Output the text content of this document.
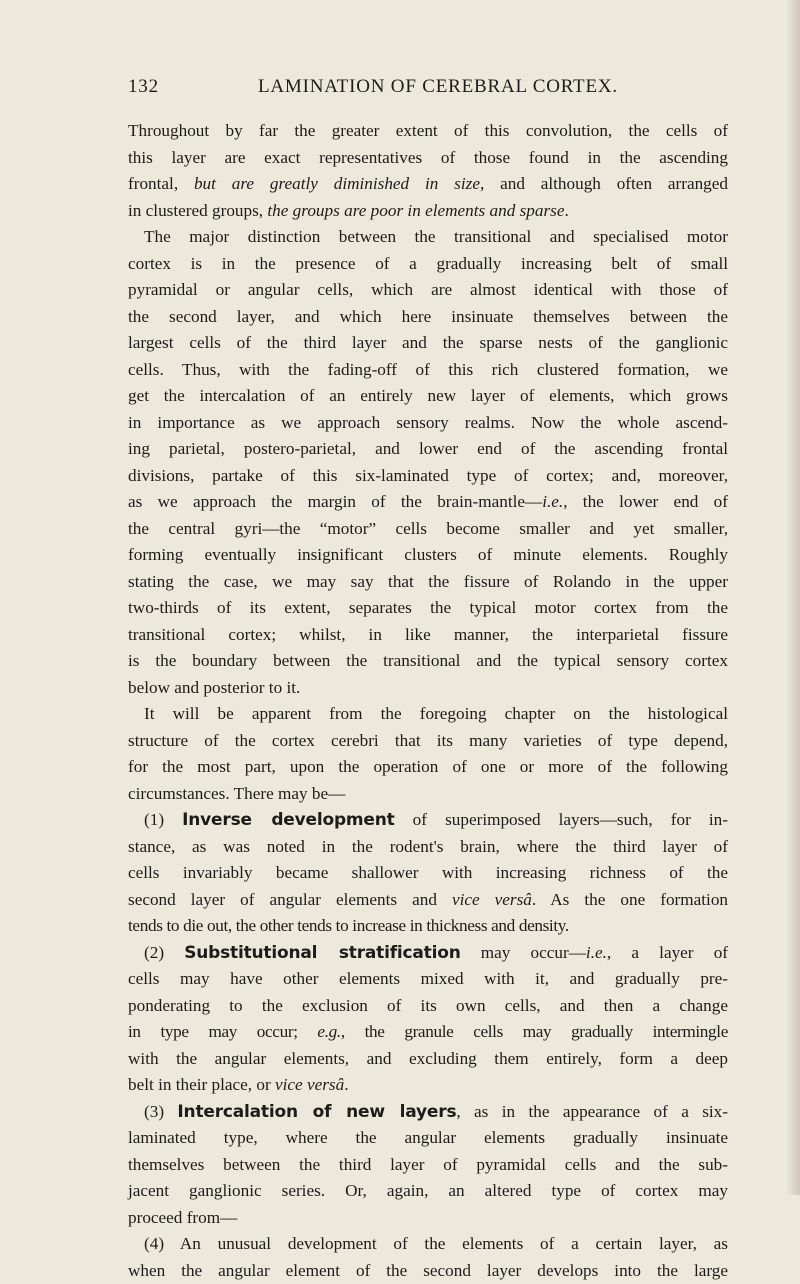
132	LAMINATION OF CEREBRAL CORTEX.
Throughout by far the greater extent of this convolution, the cells of
this layer are exact representatives of those found in the ascending
frontal, but are greatly diminished in size, and although often arranged
in clustered groups, the groups are poor in elements and sparse.
The major distinction between the transitional and specialised motor
cortex is in the presence of a gradually increasing belt of small
pyramidal or angular cells, which are almost identical with those of
the second layer, and which here insinuate themselves between the
largest cells of the third layer and the sparse nests of the ganglionic
cells. Thus, with the fading-off of this rich clustered formation, we
get the intercalation of an entirely new layer of elements, which grows
in importance as we approach sensory realms. Now the whole ascend-
ing parietal, postero-parietal, and lower end of the ascending frontal
divisions, partake of this six-laminated type of cortex; and, moreover,
as we approach the margin of the brain-mantle—i.e., the lower end of
the central gyri—the “motor” cells become smaller and yet smaller,
forming eventually insignificant clusters of minute elements. Roughly
stating the case, we may say that the fissure of Rolando in the upper
two-thirds of its extent, separates the typical motor cortex from the
transitional cortex; whilst, in like manner, the interparietal fissure
is the boundary between the transitional and the typical sensory cortex
below and posterior to it.
It will be apparent from the foregoing chapter on the histological
structure of the cortex cerebri that its many varieties of type depend,
for the most part, upon the operation of one or more of the following
circumstances. There may be—
(1) Inverse development of superimposed layers—such, for in-
stance, as was noted in the rodent's brain, where the third layer of
cells invariably became shallower with increasing richness of the
second layer of angular elements and vice versâ. As the one formation
tends to die out, the other tends to increase in thickness and density.
(2) Substitutional stratification may occur—i.e., a layer of
cells may have other elements mixed with it, and gradually pre-
ponderating to the exclusion of its own cells, and then a change
in type may occur; e.g., the granule cells may gradually intermingle
with the angular elements, and excluding them entirely, form a deep
belt in their place, or vice versâ.
(3) Intercalation of new layers, as in the appearance of a six-
laminated type, where the angular elements gradually insinuate
themselves between the third layer of pyramidal cells and the sub-
jacent ganglionic series. Or, again, an altered type of cortex may
proceed from—
(4) An unusual development of the elements of a certain layer, as
when the angular element of the second layer develops into the large
